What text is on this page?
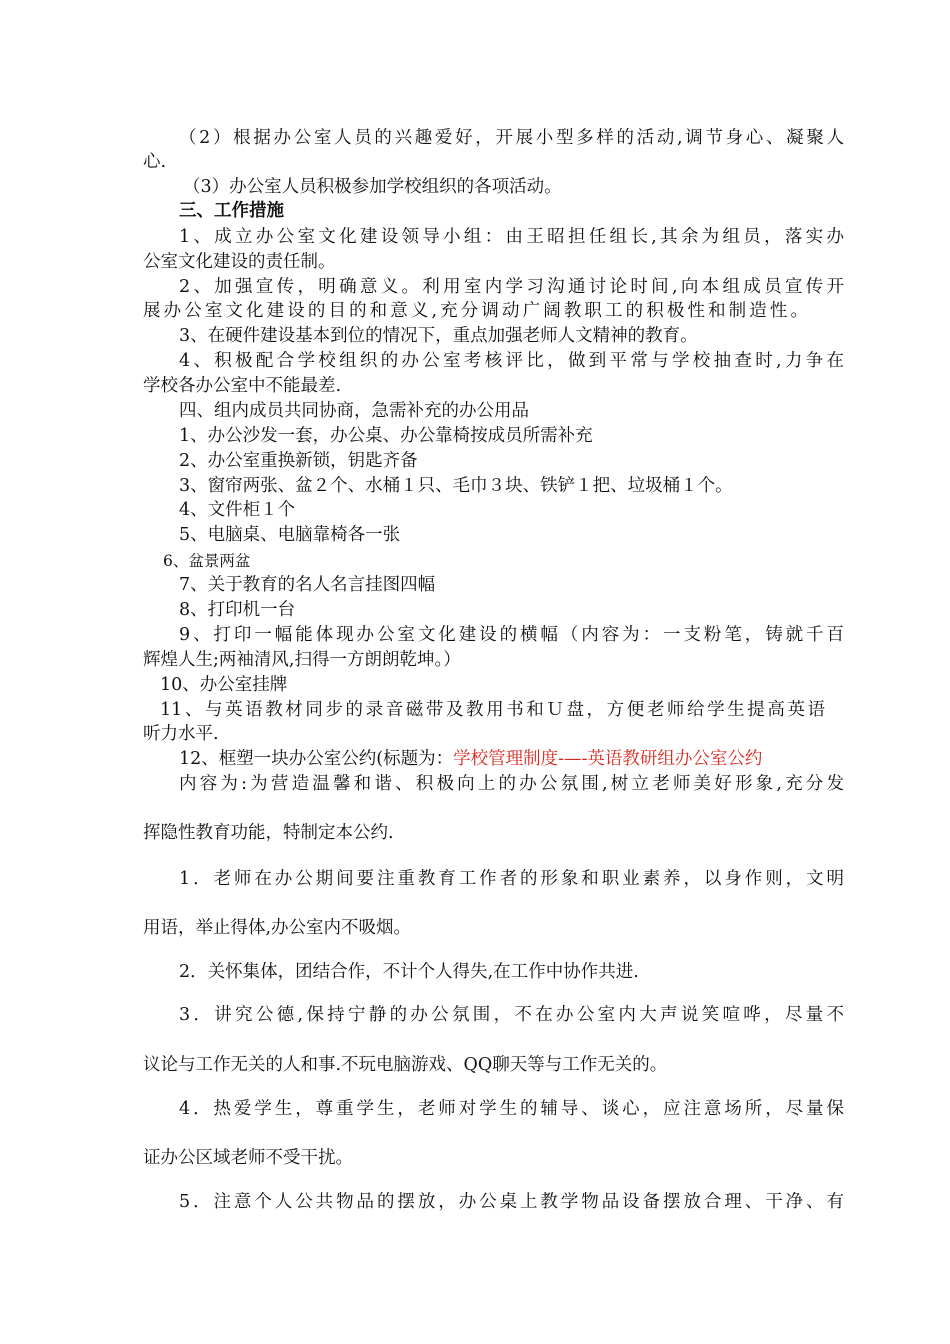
（2）根据办公室人员的兴趣爱好，开展小型多样的活动,调节身心、凝聚人
心.
（3）办公室人员积极参加学校组织的各项活动。
三、工作措施
1、成立办公室文化建设领导小组：由王昭担任组长,其余为组员，落实办
公室文化建设的责任制。
2、加强宣传，明确意义。利用室内学习沟通讨论时间,向本组成员宣传开
展办公室文化建设的目的和意义,充分调动广阔教职工的积极性和制造性。
3、在硬件建设基本到位的情况下，重点加强老师人文精神的教育。
4、积极配合学校组织的办公室考核评比，做到平常与学校抽查时,力争在
学校各办公室中不能最差.
四、组内成员共同协商，急需补充的办公用品
1、办公沙发一套，办公桌、办公靠椅按成员所需补充
2、办公室重换新锁，钥匙齐备
3、窗帘两张、盆２个、水桶１只、毛巾３块、铁铲１把、垃圾桶１个。
4、文件柜１个
5、电脑桌、电脑靠椅各一张
6、盆景两盆
7、关于教育的名人名言挂图四幅
8、打印机一台
9、打印一幅能体现办公室文化建设的横幅（内容为：一支粉笔，铸就千百
辉煌人生;两袖清风,扫得一方朗朗乾坤。）
10、办公室挂牌
11、与英语教材同步的录音磁带及教用书和Ｕ盘，方便老师给学生提高英语
听力水平.
12、框塑一块办公室公约(标题为：学校管理制度-—-英语教研组办公室公约
内容为:为营造温馨和谐、积极向上的办公氛围,树立老师美好形象,充分发
挥隐性教育功能，特制定本公约.
1．老师在办公期间要注重教育工作者的形象和职业素养，以身作则，文明
用语，举止得体,办公室内不吸烟。
2．关怀集体，团结合作，不计个人得失,在工作中协作共进.
3．讲究公德,保持宁静的办公氛围，不在办公室内大声说笑喧哗，尽量不
议论与工作无关的人和事.不玩电脑游戏、QQ聊天等与工作无关的。
4．热爱学生，尊重学生，老师对学生的辅导、谈心，应注意场所，尽量保
证办公区域老师不受干扰。
5．注意个人公共物品的摆放，办公桌上教学物品设备摆放合理、干净、有
